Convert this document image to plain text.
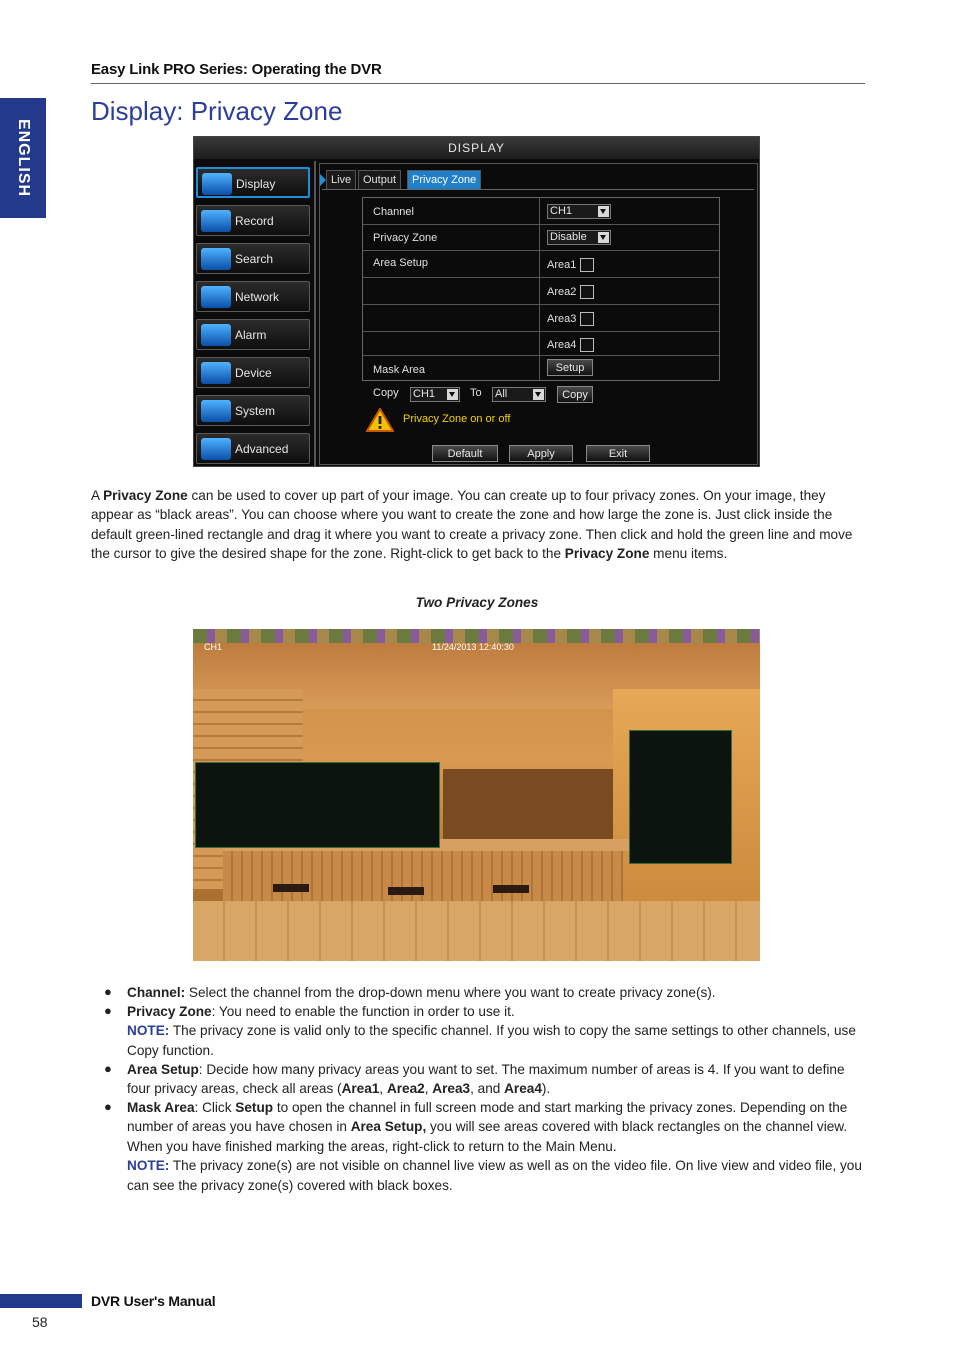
Easy Link PRO Series: Operating the DVR
ENGLISH
Display: Privacy Zone
DISPLAY
Display
Record
Search
Network
Alarm
Device
System
Advanced
Live	Output	Privacy Zone
Channel	CH1
Privacy Zone	Disable
Area Setup	Area1
Area2
Area3
Area4
Mask Area	Setup
Copy CH1	To All	Copy
Privacy Zone on or off
Default	Apply	Exit
A Privacy Zone can be used to cover up part of your image. You can create up to four privacy zones. On your image, they appear as “black areas”. You can choose where you want to create the zone and how large the zone is. Just click inside the default green-lined rectangle and drag it where you want to create a privacy zone. Then click and hold the green line and move the cursor to give the desired shape for the zone. Right-click to get back to the Privacy Zone menu items.
Two Privacy Zones
CH1	11/24/2013 12:40:30
● Channel: Select the channel from the drop-down menu where you want to create privacy zone(s).
● Privacy Zone: You need to enable the function in order to use it.
NOTE: The privacy zone is valid only to the specific channel. If you wish to copy the same settings to other channels, use Copy function.
● Area Setup: Decide how many privacy areas you want to set. The maximum number of areas is 4. If you want to define four privacy areas, check all areas (Area1, Area2, Area3, and Area4).
● Mask Area: Click Setup to open the channel in full screen mode and start marking the privacy zones. Depending on the number of areas you have chosen in Area Setup, you will see areas covered with black rectangles on the channel view. When you have finished marking the areas, right-click to return to the Main Menu.
NOTE: The privacy zone(s) are not visible on channel live view as well as on the video file. On live view and video file, you can see the privacy zone(s) covered with black boxes.
DVR User's Manual
58
